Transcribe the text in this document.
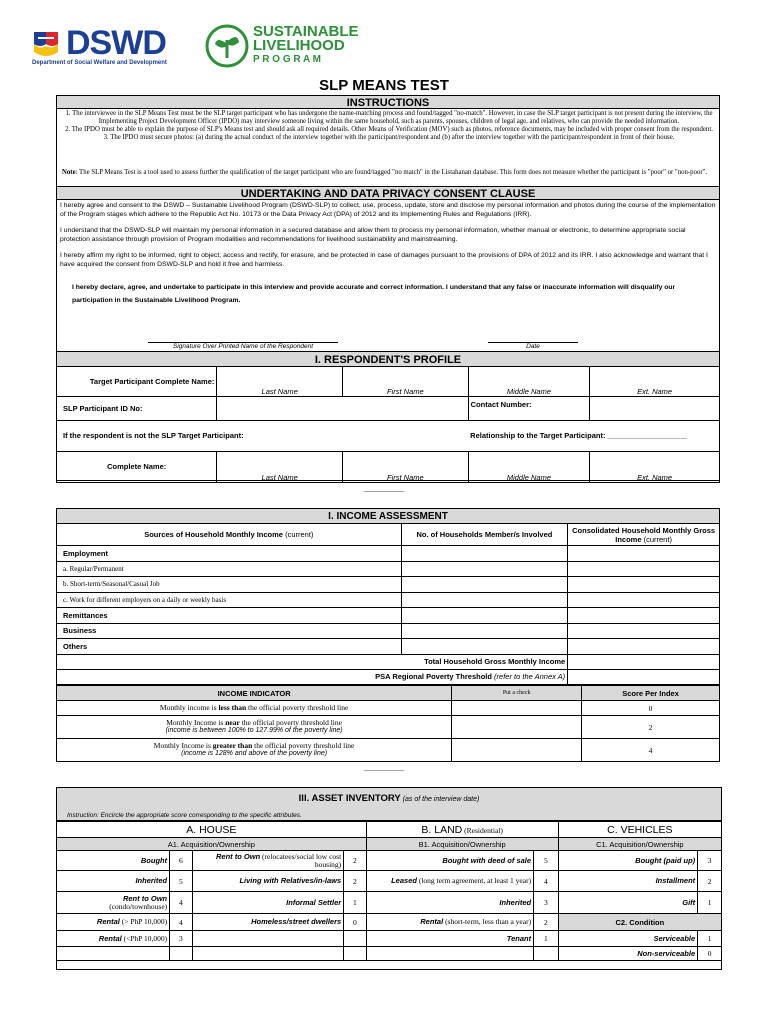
DSWD
Department of Social Welfare and Development
SUSTAINABLE
LIVELIHOOD
P R O G R A M
SLP MEANS TEST
INSTRUCTIONS
1. The interviewee in the SLP Means Test must be the SLP target participant who has undergone the name-matching process and found/tagged "no-match". However, in case the SLP target participant is not present during the interview, the Implementing Project Development Officer (IPDO) may interview someone living within the same household, such as parents, spouses, children of legal age, and relatives, who can provide the needed information.
2. The IPDO must be able to explain the purpose of SLP's Means test and should ask all required details. Other Means of Verification (MOV) such as photos, reference documents, may be included with proper consent from the respondent.
3. The IPDO must secure photos: (a) during the actual conduct of the interview together with the participant/respondent and (b) after the interview together with the participant/respondent in front of their house.
Note: The SLP Means Test is a tool used to assess further the qualification of the target participant who are found/tagged "no match" in the Listahanan database. This form does not measure whether the participant is "poor" or "non-poor".
UNDERTAKING AND DATA PRIVACY CONSENT CLAUSE
I hereby agree and consent to the DSWD – Sustainable Livelihood Program (DSWD-SLP) to collect, use, process, update, store and disclose my personal information and photos during the course of the implementation of the Program stages which adhere to the Republic Act No. 10173 or the Data Privacy Act (DPA) of 2012 and its Implementing Rules and Regulations (IRR).
I understand that the DSWD-SLP will maintain my personal information in a secured database and allow them to process my personal information, whether manual or electronic, to determine appropriate social protection assistance through provision of Program modalities and recommendations for livelihood sustainability and mainstreaming.
I hereby affirm my right to be informed, right to object, access and rectify, for erasure, and be protected in case of damages pursuant to the provisions of DPA of 2012 and its IRR. I also acknowledge and warrant that I have acquired the consent from DSWD-SLP and hold it free and harmless.
I hereby declare, agree, and undertake to participate in this interview and provide accurate and correct information. I understand that any false or inaccurate information will disqualify our
participation in the Sustainable Livelihood Program.
Signature Over Printed Name of the Respondent	Date
I. RESPONDENT'S PROFILE
Target Participant Complete Name:	Last Name	First Name	Middle Name	Ext. Name

SLP Participant ID No:			Contact Number:	
If the respondent is not the SLP Target Participant:			Relationship to the Target Participant: ___________________	
Complete Name:	Last Name	First Name	Middle Name	Ext. Name
--------------------
I. INCOME ASSESSMENT		
Sources of Household Monthly Income (current)	No. of Households Member/s Involved	Consolidated Household Monthly Gross Income (current)
Employment		
a. Regular/Permanent		
b. Short-term/Seasonal/Casual Job		
c. Work for different employers on a daily or weekly basis		
Remittances		
Business		
Others		
Total Household Gross Monthly Income		
PSA Regional Poverty Threshold (refer to the Annex A)		
INCOME INDICATOR	Put a check	Score Per Index

Monthly income is less than the official poverty threshold line		0

Monthly Income is near the official poverty threshold line
(income is between 100% to 127.99% of the poverty line)		2

Monthly Income is greater than the official poverty threshold line
(income is 128% and above of the poverty line)		4
--------------------
III. ASSET INVENTORY (as of the interview date)
Instruction: Encircle the appropriate score corresponding to the specific attributes.
A. HOUSE				B. LAND (Residential)		C. VEHICLES	
A1. Acquisition/Ownership				B1. Acquisition/Ownership		C1. Acquisition/Ownership	
Bought	6	Rent to Own (relocatees/social low cost housing)	2	Bought with deed of sale	5	Bought (paid up)	3
Inherited	5	Living with Relatives/in-laws	2	Leased (long term agreement, at least 1 year)	4	Installment	2
Rent to Own
(condo/townhouse)	4	Informal Settler	1	Inherited	3	Gift	1
Rental (> PhP 10,000)	4	Homeless/street dwellers	0	Rental (short-term, less than a year)	2	C2. Condition	
Rental (<PhP 10,000)	3			Tenant	1	Serviceable	1
						Non-serviceable	0
